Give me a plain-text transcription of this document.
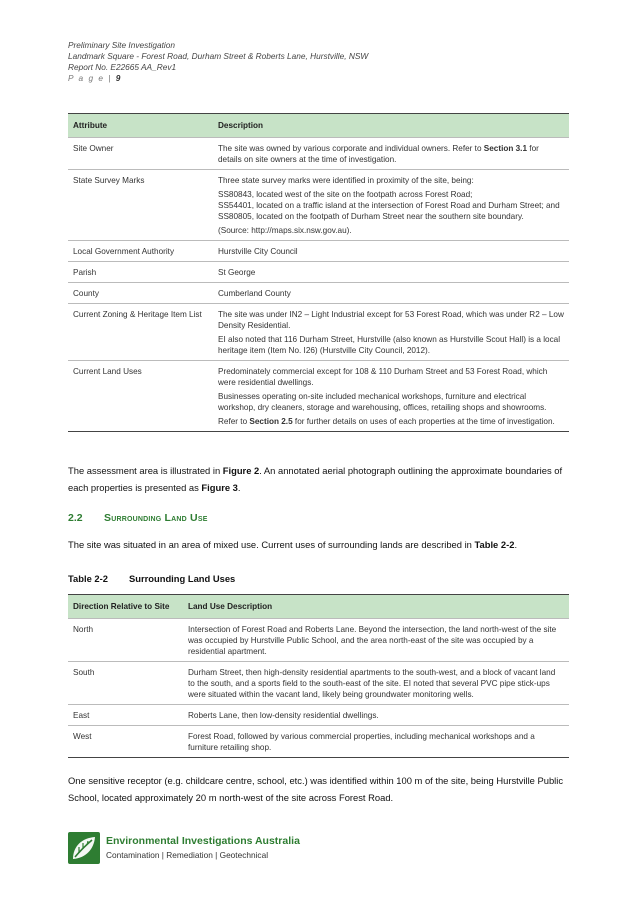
Preliminary Site Investigation
Landmark Square - Forest Road, Durham Street & Roberts Lane, Hurstville, NSW
Report No. E22665 AA_Rev1
P a g e | 9
Attribute	Description
Site Owner	The site was owned by various corporate and individual owners. Refer to Section 3.1 for details on site owners at the time of investigation.

State Survey Marks	Three state survey marks were identified in proximity of the site, being:

SS80843, located west of the site on the footpath across Forest Road;
SS54401, located on a traffic island at the intersection of Forest Road and Durham Street; and
SS80805, located on the footpath of Durham Street near the southern site boundary.

(Source: http://maps.six.nsw.gov.au).

Local Government Authority	Hurstville City Council

Parish	St George

County	Cumberland County

Current Zoning & Heritage Item List	The site was under IN2 – Light Industrial except for 53 Forest Road, which was under R2 – Low Density Residential.

EI also noted that 116 Durham Street, Hurstville (also known as Hurstville Scout Hall) is a local heritage item (Item No. I26) (Hurstville City Council, 2012).

Current Land Uses	Predominately commercial except for 108 & 110 Durham Street and 53 Forest Road, which were residential dwellings.

Businesses operating on-site included mechanical workshops, furniture and electrical workshop, dry cleaners, storage and warehousing, offices, retailing shops and showrooms.

Refer to Section 2.5 for further details on uses of each properties at the time of investigation.

The assessment area is illustrated in Figure 2. An annotated aerial photograph outlining the approximate boundaries of each properties is presented as Figure 3.
2.2 Surrounding Land Use
The site was situated in an area of mixed use. Current uses of surrounding lands are described in Table 2-2.
Table 2-2 Surrounding Land Uses
Direction Relative to Site	Land Use Description
North	Intersection of Forest Road and Roberts Lane. Beyond the intersection, the land north-west of the site was occupied by Hurstville Public School, and the area north-east of the site was occupied by a residential apartment.
South	Durham Street, then high-density residential apartments to the south-west, and a block of vacant land to the south, and a sports field to the south-east of the site. EI noted that several PVC pipe stick-ups were situated within the vacant land, likely being groundwater monitoring wells.
East	Roberts Lane, then low-density residential dwellings.
West	Forest Road, followed by various commercial properties, including mechanical workshops and a furniture retailing shop.
One sensitive receptor (e.g. childcare centre, school, etc.) was identified within 100 m of the site, being Hurstville Public School, located approximately 20 m north-west of the site across Forest Road.
Environmental Investigations Australia
Contamination | Remediation | Geotechnical
